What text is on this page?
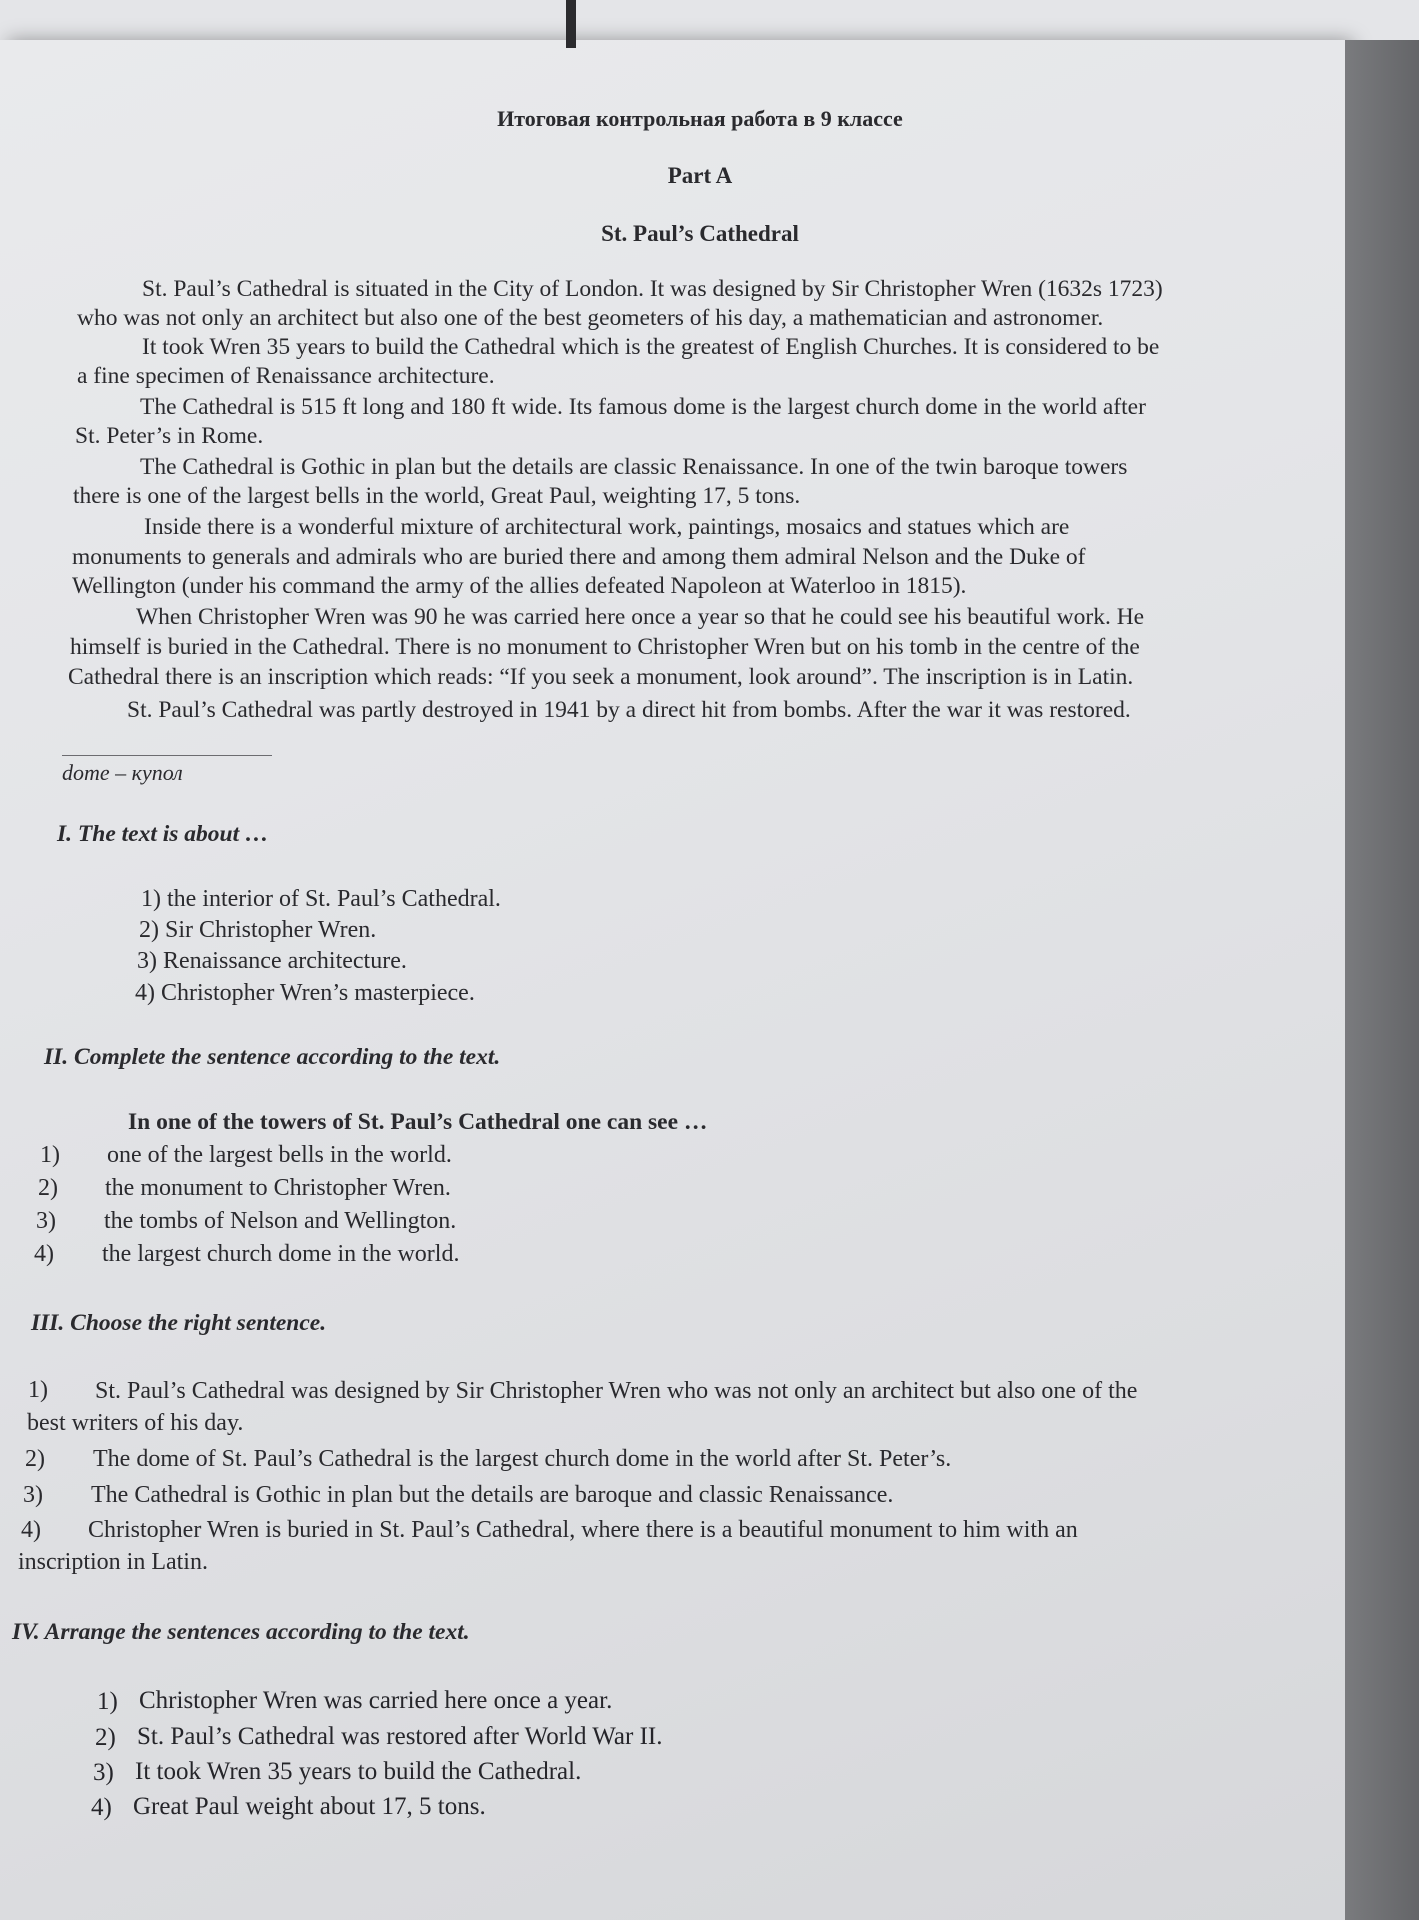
Итоговая контрольная работа в 9 классе
Part A
St. Paul’s Cathedral
St. Paul’s Cathedral is situated in the City of London. It was designed by Sir Christopher Wren (1632s 1723)
who was not only an architect but also one of the best geometers of his day, a mathematician and astronomer.
It took Wren 35 years to build the Cathedral which is the greatest of English Churches. It is considered to be
a fine specimen of Renaissance architecture.
The Cathedral is 515 ft long and 180 ft wide. Its famous dome is the largest church dome in the world after
St. Peter’s in Rome.
The Cathedral is Gothic in plan but the details are classic Renaissance. In one of the twin baroque towers
there is one of the largest bells in the world, Great Paul, weighting 17, 5 tons.
Inside there is a wonderful mixture of architectural work, paintings, mosaics and statues which are
monuments to generals and admirals who are buried there and among them admiral Nelson and the Duke of
Wellington (under his command the army of the allies defeated Napoleon at Waterloo in 1815).
When Christopher Wren was 90 he was carried here once a year so that he could see his beautiful work. He
himself is buried in the Cathedral. There is no monument to Christopher Wren but on his tomb in the centre of the
Cathedral there is an inscription which reads: “If you seek a monument, look around”. The inscription is in Latin.
St. Paul’s Cathedral was partly destroyed in 1941 by a direct hit from bombs. After the war it was restored.
dome – купол
I. The text is about …
1) the interior of St. Paul’s Cathedral.
2) Sir Christopher Wren.
3) Renaissance architecture.
4) Christopher Wren’s masterpiece.
II. Complete the sentence according to the text.
In one of the towers of St. Paul’s Cathedral one can see …
1) one of the largest bells in the world.
2) the monument to Christopher Wren.
3) the tombs of Nelson and Wellington.
4) the largest church dome in the world.
III. Choose the right sentence.
1) St. Paul’s Cathedral was designed by Sir Christopher Wren who was not only an architect but also one of the
best writers of his day.
2) The dome of St. Paul’s Cathedral is the largest church dome in the world after St. Peter’s.
3) The Cathedral is Gothic in plan but the details are baroque and classic Renaissance.
4) Christopher Wren is buried in St. Paul’s Cathedral, where there is a beautiful monument to him with an
inscription in Latin.
IV. Arrange the sentences according to the text.
1) Christopher Wren was carried here once a year.
2) St. Paul’s Cathedral was restored after World War II.
3) It took Wren 35 years to build the Cathedral.
4) Great Paul weight about 17, 5 tons.
